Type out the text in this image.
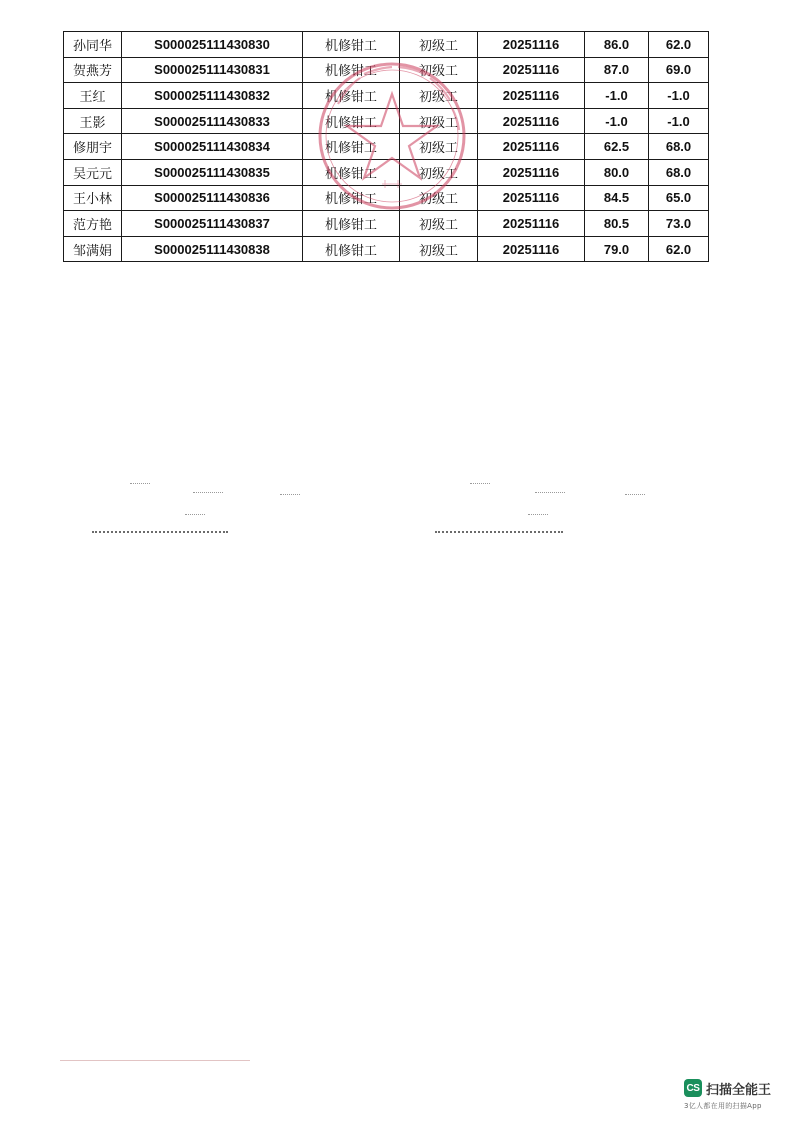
孙同华	S000025111430830	机修钳工	初级工	20251116	86.0	62.0
贺燕芳	S000025111430831	机修钳工	初级工	20251116	87.0	69.0
王红	S000025111430832	机修钳工	初级工	20251116	-1.0	-1.0
王影	S000025111430833	机修钳工	初级工	20251116	-1.0	-1.0
修朋宇	S000025111430834	机修钳工	初级工	20251116	62.5	68.0
吴元元	S000025111430835	机修钳工	初级工	20251116	80.0	68.0
王小林	S000025111430836	机修钳工	初级工	20251116	84.5	65.0
范方艳	S000025111430837	机修钳工	初级工	20251116	80.5	73.0
邹满娟	S000025111430838	机修钳工	初级工	20251116	79.0	62.0
CS 扫描全能王
3亿人都在用的扫描App
